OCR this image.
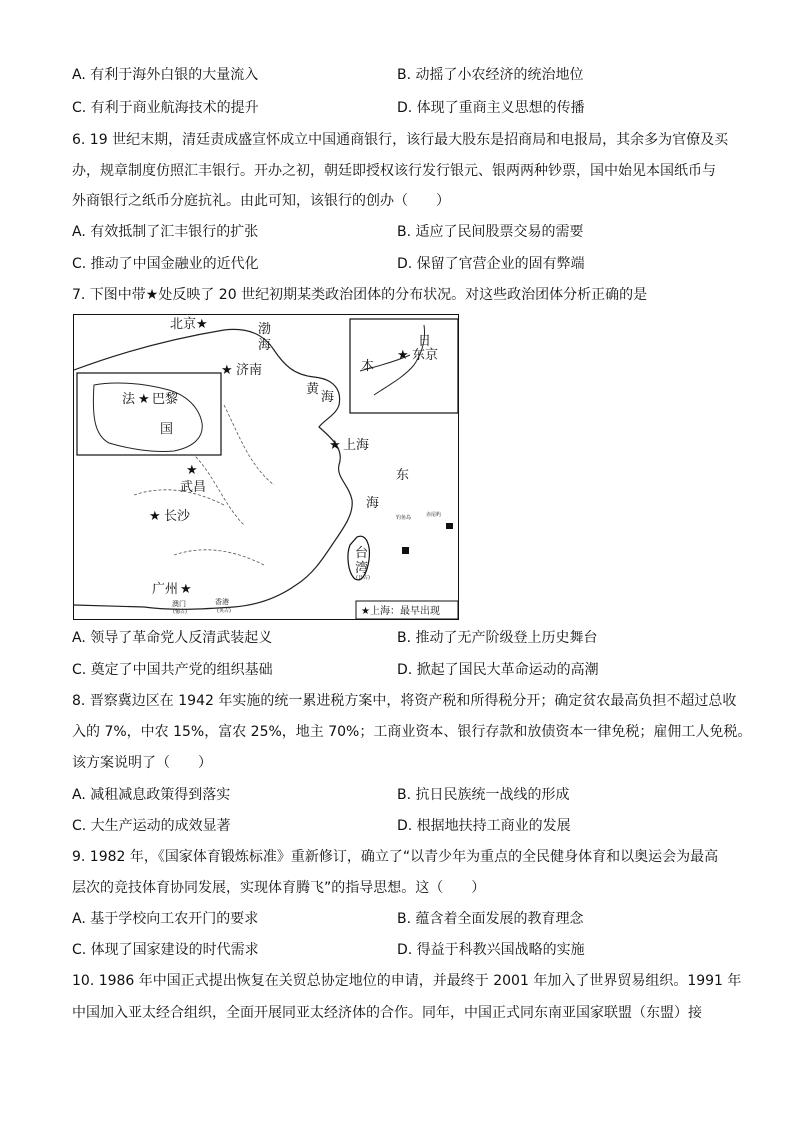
A. 有利于海外白银的大量流入	B. 动摇了小农经济的统治地位
C. 有利于商业航海技术的提升	D. 体现了重商主义思想的传播
6. 19 世纪末期，清廷责成盛宣怀成立中国通商银行，该行最大股东是招商局和电报局，其余多为官僚及买
办，规章制度仿照汇丰银行。开办之初，朝廷即授权该行发行银元、银两两种钞票，国中始见本国纸币与
外商银行之纸币分庭抗礼。由此可知，该银行的创办（　　）
A. 有效抵制了汇丰银行的扩张	B. 适应了民间股票交易的需要
C. 推动了中国金融业的近代化	D. 保留了官营企业的固有弊端
7. 下图中带★处反映了 20 世纪初期某类政治团体的分布状况。对这些政治团体分析正确的是
渤
海
黄
海
东
海
北京 ★
★ 济南
★ 上海
★
武昌
★ 长沙
广州 ★
澳门
(葡占)
香港
(英占)
钓鱼岛	赤尾屿
台
湾
(日占)
法 ★ 巴黎
国
日
本
★ 东京
★上海：最早出现
A. 领导了革命党人反清武装起义	B. 推动了无产阶级登上历史舞台
C. 奠定了中国共产党的组织基础	D. 掀起了国民大革命运动的高潮
8. 晋察冀边区在 1942 年实施的统一累进税方案中，将资产税和所得税分开；确定贫农最高负担不超过总收
入的 7%，中农 15%，富农 25%，地主 70%；工商业资本、银行存款和放债资本一律免税；雇佣工人免税。
该方案说明了（　　）
A. 减租减息政策得到落实	B. 抗日民族统一战线的形成
C. 大生产运动的成效显著	D. 根据地扶持工商业的发展
9. 1982 年，《国家体育锻炼标准》重新修订，确立了“以青少年为重点的全民健身体育和以奥运会为最高
层次的竞技体育协同发展，实现体育腾飞”的指导思想。这（　　）
A. 基于学校向工农开门的要求	B. 蕴含着全面发展的教育理念
C. 体现了国家建设的时代需求	D. 得益于科教兴国战略的实施
10. 1986 年中国正式提出恢复在关贸总协定地位的申请，并最终于 2001 年加入了世界贸易组织。1991 年
中国加入亚太经合组织，全面开展同亚太经济体的合作。同年，中国正式同东南亚国家联盟（东盟）接
